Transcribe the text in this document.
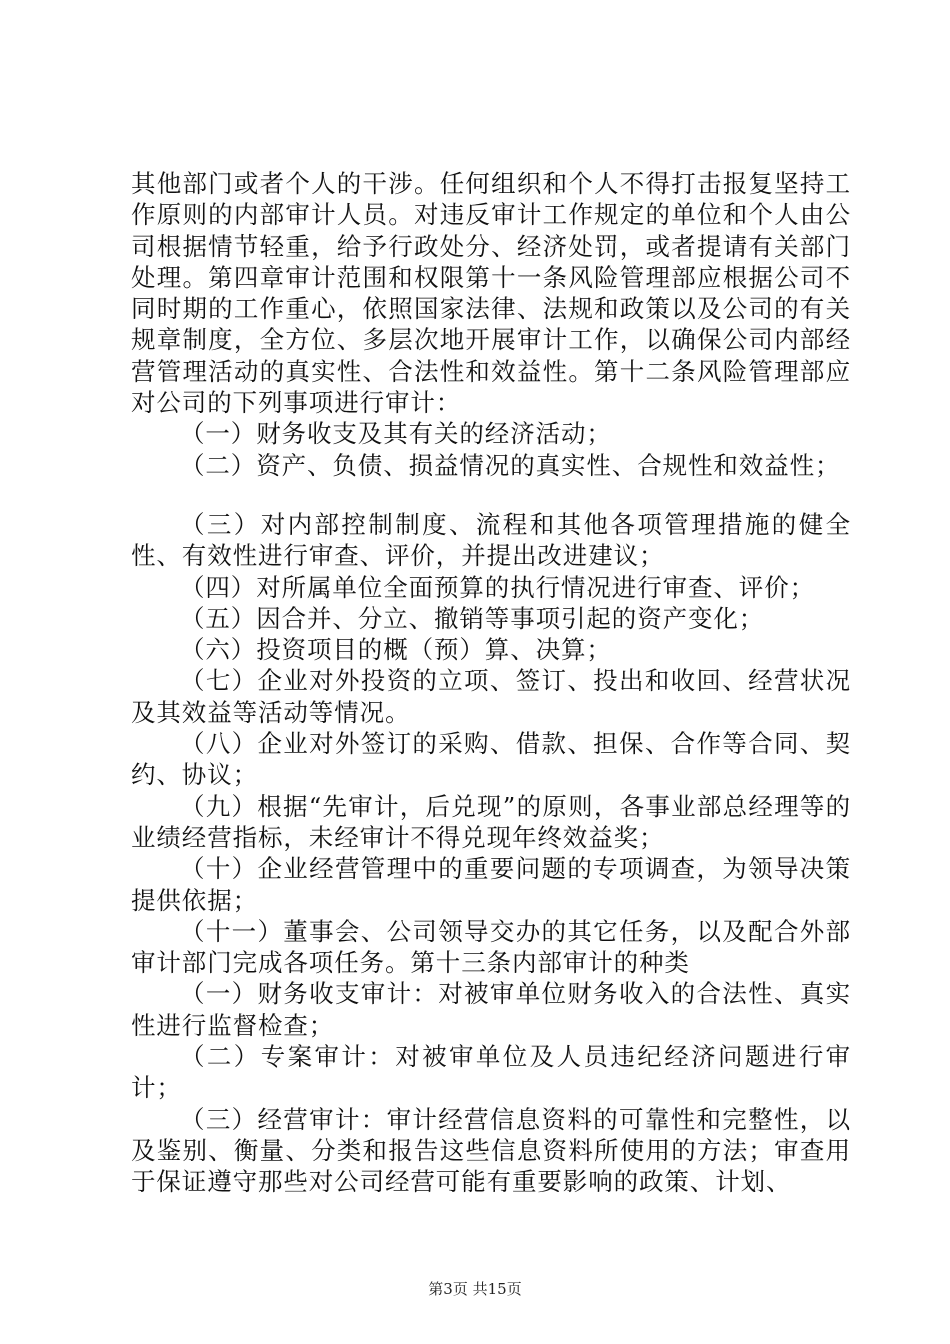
其他部门或者个人的干涉。任何组织和个人不得打击报复坚持工作原则的内部审计人员。对违反审计工作规定的单位和个人由公司根据情节轻重，给予行政处分、经济处罚，或者提请有关部门处理。第四章审计范围和权限第十一条风险管理部应根据公司不同时期的工作重心，依照国家法律、法规和政策以及公司的有关规章制度，全方位、多层次地开展审计工作，以确保公司内部经营管理活动的真实性、合法性和效益性。第十二条风险管理部应对公司的下列事项进行审计：

（一）财务收支及其有关的经济活动；

（二）资产、负债、损益情况的真实性、合规性和效益性；

（三）对内部控制制度、流程和其他各项管理措施的健全性、有效性进行审查、评价，并提出改进建议；

（四）对所属单位全面预算的执行情况进行审查、评价；

（五）因合并、分立、撤销等事项引起的资产变化；

（六）投资项目的概（预）算、决算；

（七）企业对外投资的立项、签订、投出和收回、经营状况及其效益等活动等情况。

（八）企业对外签订的采购、借款、担保、合作等合同、契约、协议；

（九）根据“先审计，后兑现”的原则，各事业部总经理等的业绩经营指标，未经审计不得兑现年终效益奖；

（十）企业经营管理中的重要问题的专项调查，为领导决策提供依据；

（十一）董事会、公司领导交办的其它任务，以及配合外部审计部门完成各项任务。第十三条内部审计的种类

（一）财务收支审计：对被审单位财务收入的合法性、真实性进行监督检查；

（二）专案审计：对被审单位及人员违纪经济问题进行审计；

（三）经营审计：审计经营信息资料的可靠性和完整性，以及鉴别、衡量、分类和报告这些信息资料所使用的方法；审查用于保证遵守那些对公司经营可能有重要影响的政策、计划、

第3页 共15页
